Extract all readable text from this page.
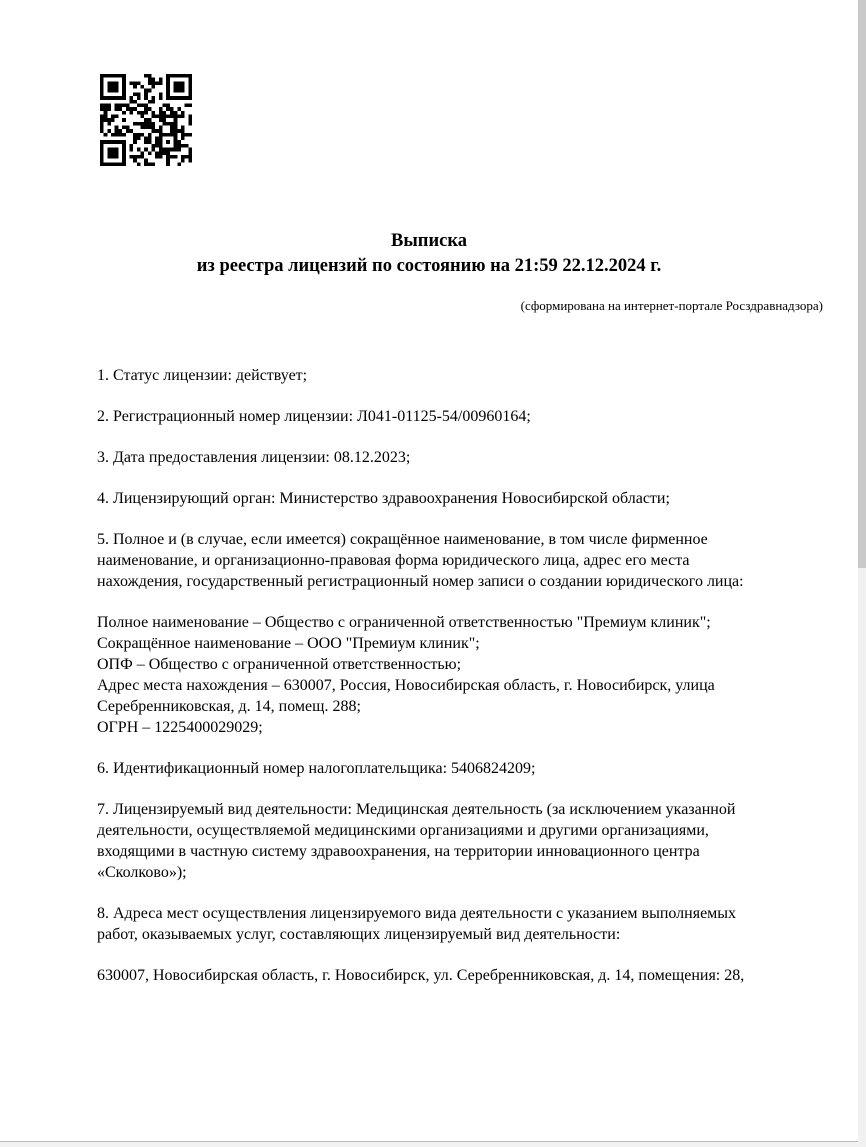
Выписка
из реестра лицензий по состоянию на 21:59 22.12.2024 г.
(сформирована на интернет-портале Росздравнадзора)
1. Статус лицензии: действует;
2. Регистрационный номер лицензии: Л041-01125-54/00960164;
3. Дата предоставления лицензии: 08.12.2023;
4. Лицензирующий орган: Министерство здравоохранения Новосибирской области;
5. Полное и (в случае, если имеется) сокращённое наименование, в том числе фирменное
наименование, и организационно-правовая форма юридического лица, адрес его места
нахождения, государственный регистрационный номер записи о создании юридического лица:
Полное наименование – Общество с ограниченной ответственностью "Премиум клиник";
Сокращённое наименование – ООО "Премиум клиник";
ОПФ – Общество с ограниченной ответственностью;
Адрес места нахождения – 630007, Россия, Новосибирская область, г. Новосибирск, улица
Серебренниковская, д. 14, помещ. 288;
ОГРН – 1225400029029;
6. Идентификационный номер налогоплательщика: 5406824209;
7. Лицензируемый вид деятельности: Медицинская деятельность (за исключением указанной
деятельности, осуществляемой медицинскими организациями и другими организациями,
входящими в частную систему здравоохранения, на территории инновационного центра
«Сколково»);
8. Адреса мест осуществления лицензируемого вида деятельности с указанием выполняемых
работ, оказываемых услуг, составляющих лицензируемый вид деятельности:
630007, Новосибирская область, г. Новосибирск, ул. Серебренниковская, д. 14, помещения: 28,
